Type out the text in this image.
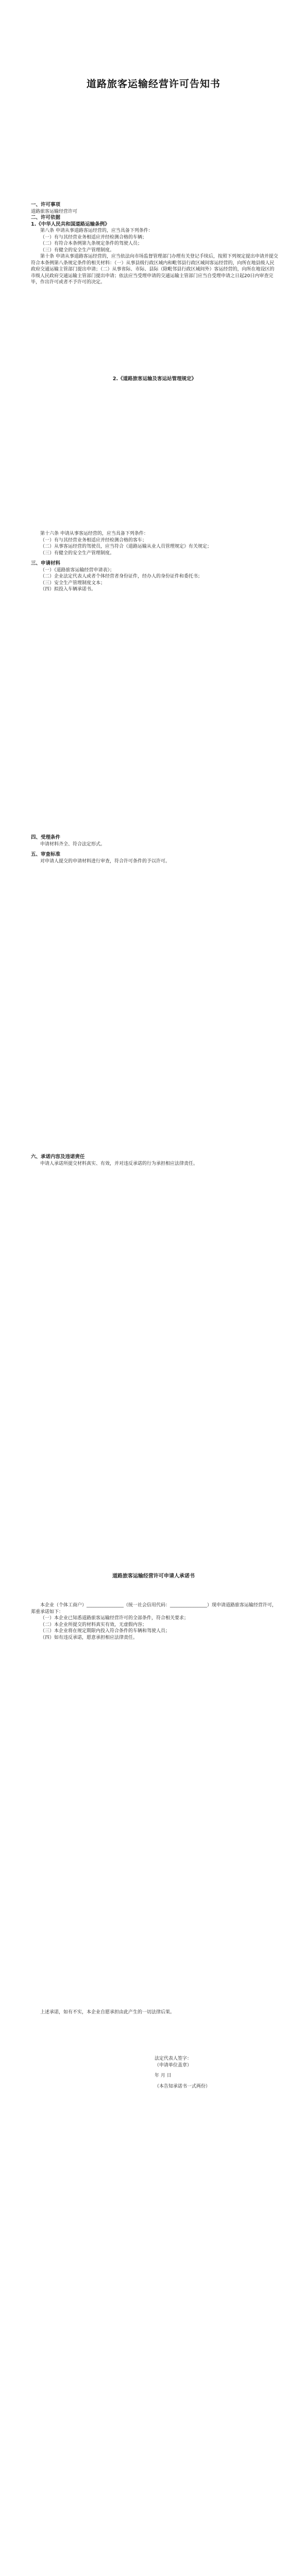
道路旅客运输经营许可告知书

一、许可事项

道路旅客运输经营许可

二、许可依据

1.《中华人民共和国道路运输条例》

第八条 申请从事道路客运经营的，应当具备下列条件：

（一）有与其经营业务相适应并经检测合格的车辆；

（二）有符合本条例第九条规定条件的驾驶人员；

（三）有健全的安全生产管理制度。

第十条 申请从事道路客运经营的，应当依法向市场监督管理部门办理有关登记手续后，按照下列规定提出申请并提交符合本条例第八条规定条件的相关材料：（一）从事县级行政区域内和毗邻县行政区域间客运经营的，向所在地县级人民政府交通运输主管部门提出申请；（二）从事省际、市际、县际（除毗邻县行政区域间外）客运经营的，向所在地设区的市级人民政府交通运输主管部门提出申请；依法应当受理申请的交通运输主管部门应当自受理申请之日起20日内审查完毕，作出许可或者不予许可的决定。

2.《道路旅客运输及客运站管理规定》

第十六条 申请从事客运经营的，应当具备下列条件：

（一）有与其经营业务相适应并经检测合格的客车；

（二）从事客运经营的驾驶员，应当符合《道路运输从业人员管理规定》有关规定；

（三）有健全的安全生产管理制度。

三、申请材料

（一）《道路旅客运输经营申请表》；

（二）企业法定代表人或者个体经营者身份证件，经办人的身份证件和委托书；

（三）安全生产管理制度文本；

（四）拟投入车辆承诺书。

四、受理条件

申请材料齐全、符合法定形式。

五、审查标准

对申请人提交的申请材料进行审查，符合许可条件的予以许可。

六、承诺内容及违诺责任

申请人承诺所提交材料真实、有效，并对违反承诺的行为承担相应法律责任。

道路旅客运输经营许可申请人承诺书

本企业（个体工商户）________________（统一社会信用代码：________________）现申请道路旅客运输经营许可，郑重承诺如下：

（一）本企业已知悉道路旅客运输经营许可的全部条件，符合相关要求；

（二）本企业所提交的材料真实有效，无虚假内容；

（三）本企业将在规定期限内投入符合条件的车辆和驾驶人员；

（四）如有违反承诺，愿意承担相应法律责任。

上述承诺，如有不实，本企业自愿承担由此产生的一切法律后果。

法定代表人签字：

（申请单位盖章）

年 月 日

（本告知承诺书一式两份）
